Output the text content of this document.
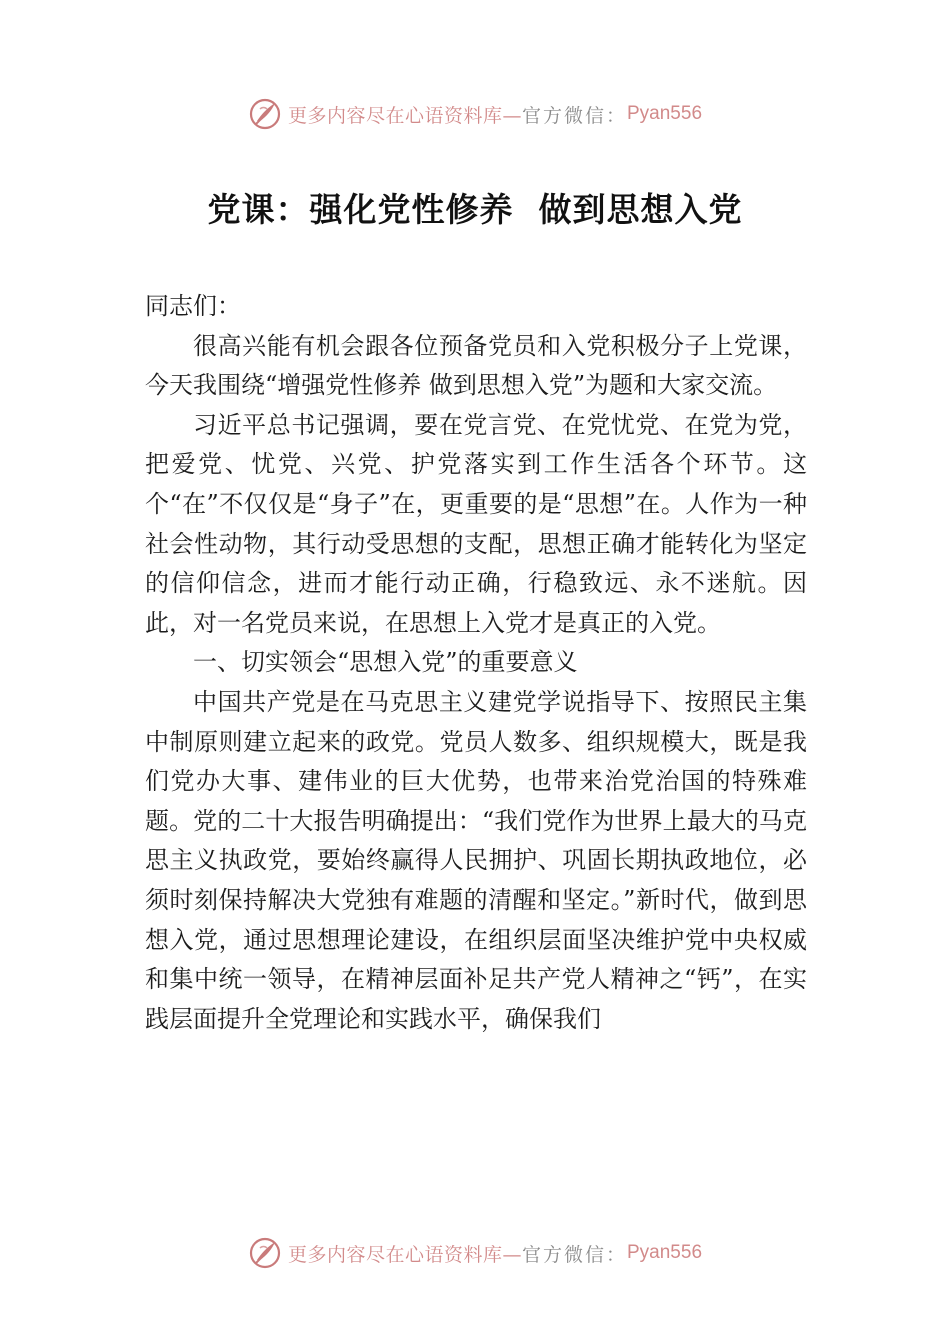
更多内容尽在心语资料库— 官方微信： Pyan556
党课：强化党性修养  做到思想入党

同志们：

很高兴能有机会跟各位预备党员和入党积极分子上党课，今天我围绕“增强党性修养 做到思想入党”为题和大家交流。

习近平总书记强调，要在党言党、在党忧党、在党为党，把爱党、忧党、兴党、护党落实到工作生活各个环节。这个“在”不仅仅是“身子”在，更重要的是“思想”在。人作为一种社会性动物，其行动受思想的支配，思想正确才能转化为坚定的信仰信念，进而才能行动正确，行稳致远、永不迷航。因此，对一名党员来说，在思想上入党才是真正的入党。

一、切实领会“思想入党”的重要意义

中国共产党是在马克思主义建党学说指导下、按照民主集中制原则建立起来的政党。党员人数多、组织规模大，既是我们党办大事、建伟业的巨大优势，也带来治党治国的特殊难题。党的二十大报告明确提出：“我们党作为世界上最大的马克思主义执政党，要始终赢得人民拥护、巩固长期执政地位，必须时刻保持解决大党独有难题的清醒和坚定。”新时代，做到思想入党，通过思想理论建设，在组织层面坚决维护党中央权威和集中统一领导，在精神层面补足共产党人精神之“钙”，在实践层面提升全党理论和实践水平，确保我们

更多内容尽在心语资料库— 官方微信： Pyan556
